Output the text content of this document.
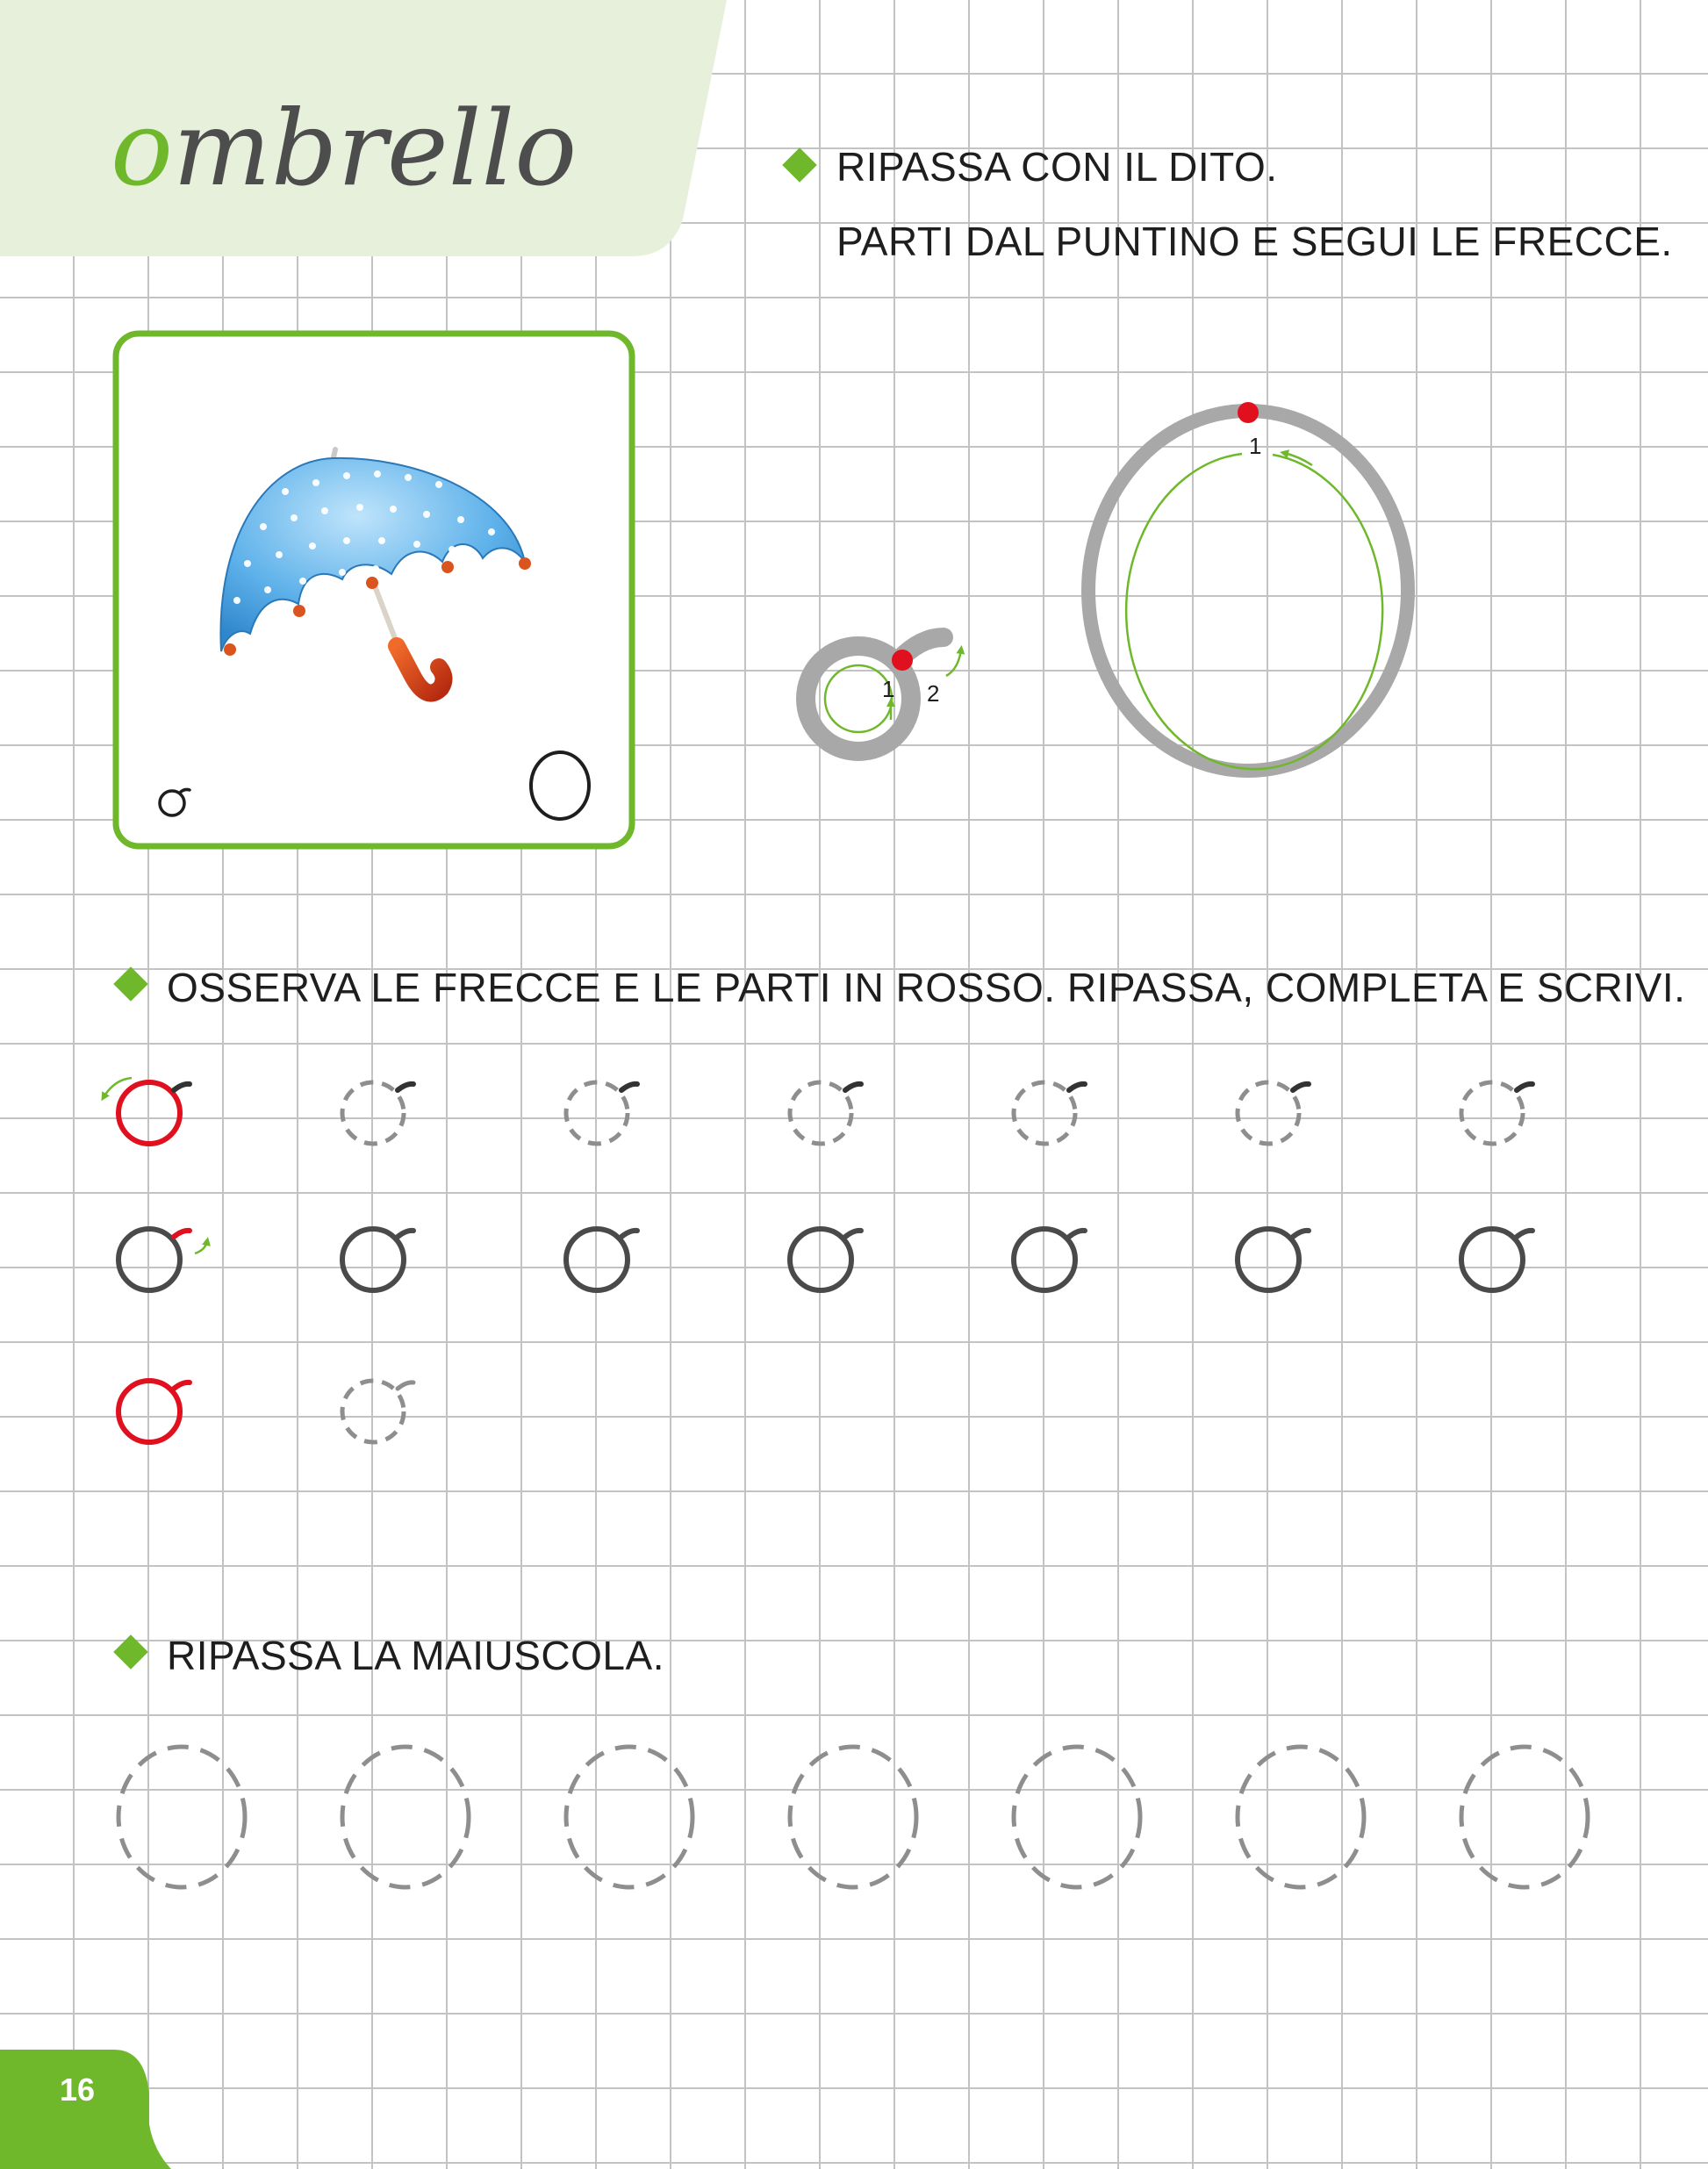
ombrello	RIPASSA CON IL DITO.
PARTI DAL PUNTINO E SEGUI LE FRECCE.
1 2
1
OSSERVA LE FRECCE E LE PARTI IN ROSSO. RIPASSA, COMPLETA E SCRIVI.
RIPASSA LA MAIUSCOLA.
16
